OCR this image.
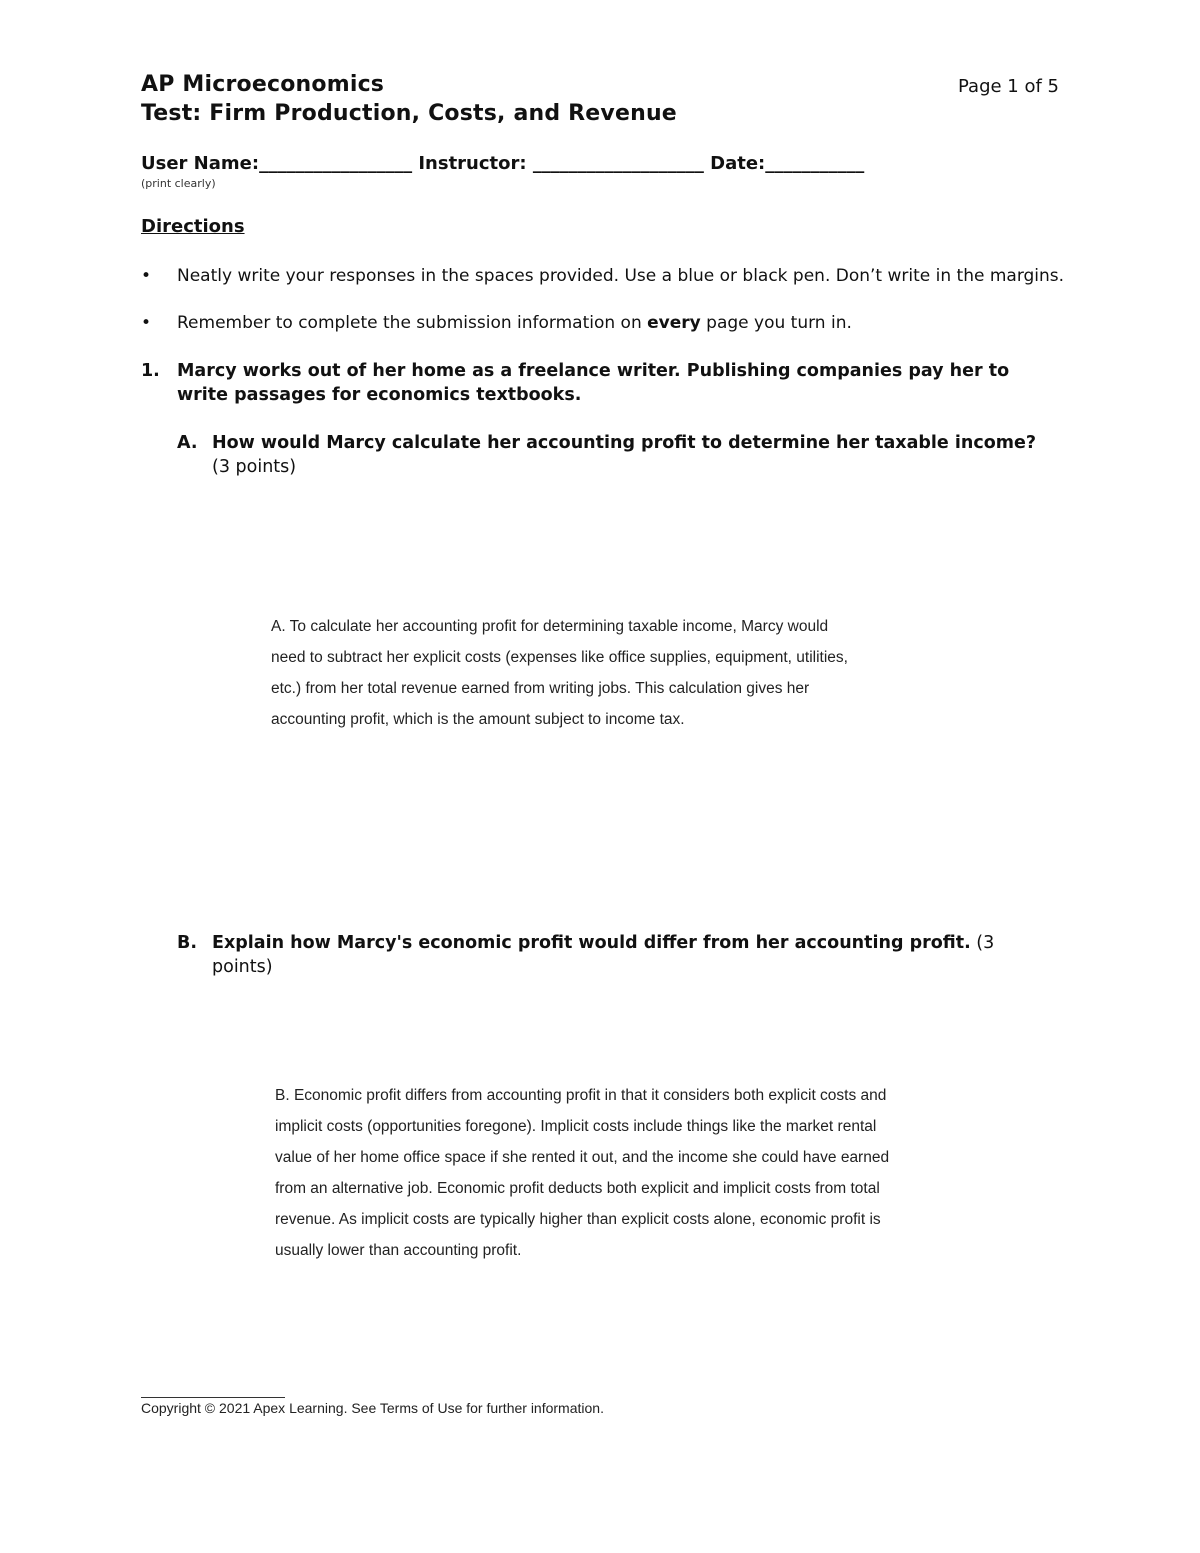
AP Microeconomics	Page 1 of 5
Test: Firm Production, Costs, and Revenue
User Name:_________________ Instructor: ___________________ Date:___________
(print clearly)
Directions
• Neatly write your responses in the spaces provided. Use a blue or black pen. Don’t write in the margins.
• Remember to complete the submission information on every page you turn in.
1. Marcy works out of her home as a freelance writer. Publishing companies pay her to write passages for economics textbooks.
A. How would Marcy calculate her accounting profit to determine her taxable income? (3 points)
A. To calculate her accounting profit for determining taxable income, Marcy would
need to subtract her explicit costs (expenses like office supplies, equipment, utilities,
etc.) from her total revenue earned from writing jobs. This calculation gives her
accounting profit, which is the amount subject to income tax.
B. Explain how Marcy's economic profit would differ from her accounting profit. (3 points)
B. Economic profit differs from accounting profit in that it considers both explicit costs and
implicit costs (opportunities foregone). Implicit costs include things like the market rental
value of her home office space if she rented it out, and the income she could have earned
from an alternative job. Economic profit deducts both explicit and implicit costs from total
revenue. As implicit costs are typically higher than explicit costs alone, economic profit is
usually lower than accounting profit.
Copyright © 2021 Apex Learning. See Terms of Use for further information.
